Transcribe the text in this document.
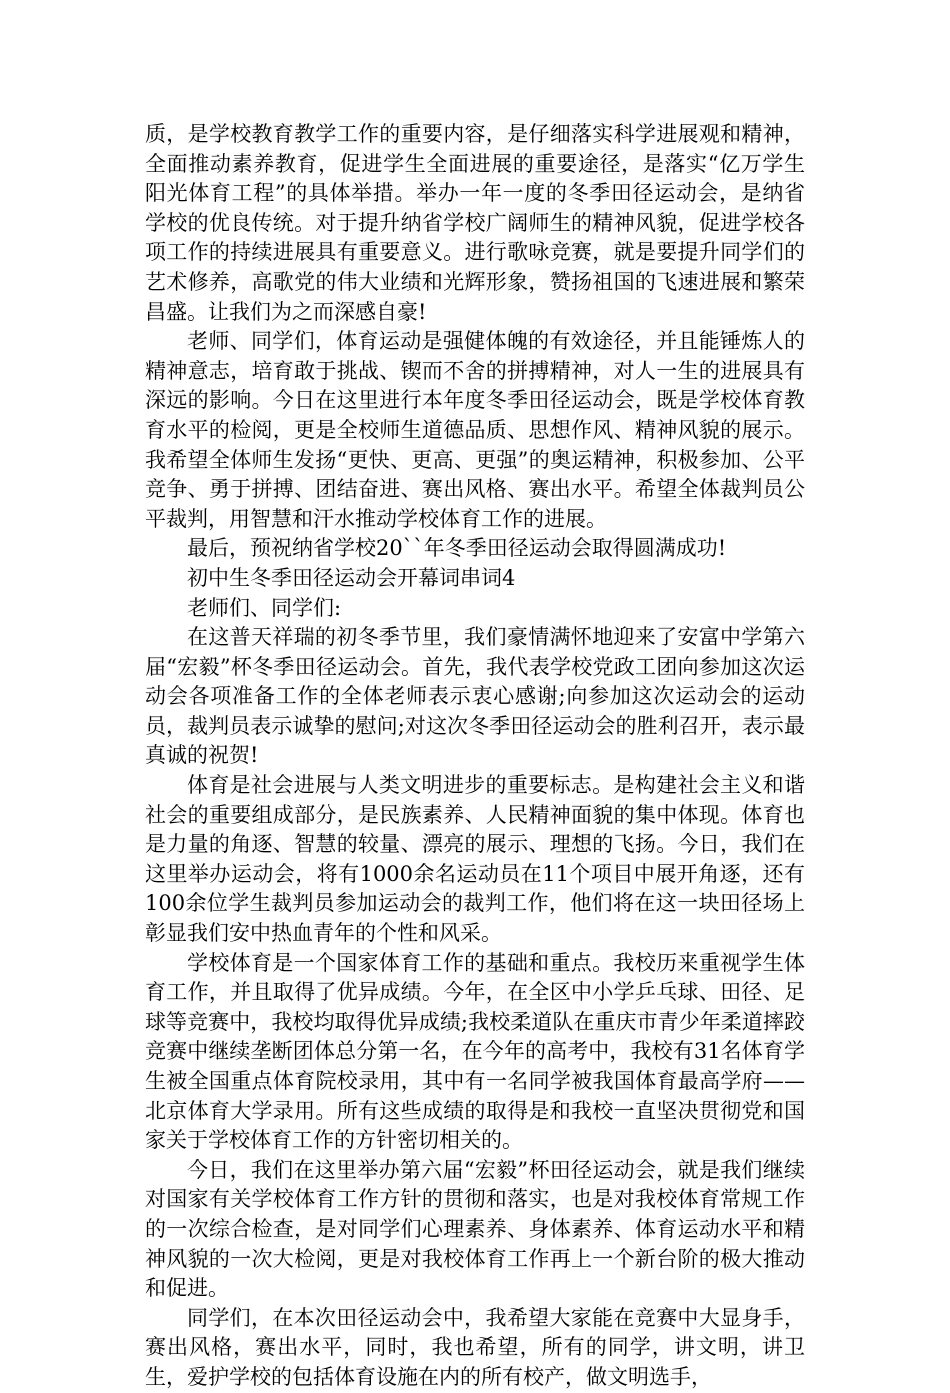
质，是学校教育教学工作的重要内容，是仔细落实科学进展观和精神，全面推动素养教育，促进学生全面进展的重要途径，是落实“亿万学生阳光体育工程”的具体举措。举办一年一度的冬季田径运动会，是纳省学校的优良传统。对于提升纳省学校广阔师生的精神风貌，促进学校各项工作的持续进展具有重要意义。进行歌咏竞赛，就是要提升同学们的艺术修养，高歌党的伟大业绩和光辉形象，赞扬祖国的飞速进展和繁荣昌盛。让我们为之而深感自豪!

老师、同学们，体育运动是强健体魄的有效途径，并且能锤炼人的精神意志，培育敢于挑战、锲而不舍的拼搏精神，对人一生的进展具有深远的影响。今日在这里进行本年度冬季田径运动会，既是学校体育教育水平的检阅，更是全校师生道德品质、思想作风、精神风貌的展示。我希望全体师生发扬“更快、更高、更强”的奥运精神，积极参加、公平竞争、勇于拼搏、团结奋进、赛出风格、赛出水平。希望全体裁判员公平裁判，用智慧和汗水推动学校体育工作的进展。

最后，预祝纳省学校20``年冬季田径运动会取得圆满成功!

初中生冬季田径运动会开幕词串词4

老师们、同学们:

在这普天祥瑞的初冬季节里，我们豪情满怀地迎来了安富中学第六届“宏毅”杯冬季田径运动会。首先，我代表学校党政工团向参加这次运动会各项准备工作的全体老师表示衷心感谢;向参加这次运动会的运动员，裁判员表示诚挚的慰问;对这次冬季田径运动会的胜利召开，表示最真诚的祝贺!

体育是社会进展与人类文明进步的重要标志。是构建社会主义和谐社会的重要组成部分，是民族素养、人民精神面貌的集中体现。体育也是力量的角逐、智慧的较量、漂亮的展示、理想的飞扬。今日，我们在这里举办运动会，将有1000余名运动员在11个项目中展开角逐，还有100余位学生裁判员参加运动会的裁判工作，他们将在这一块田径场上彰显我们安中热血青年的个性和风采。

学校体育是一个国家体育工作的基础和重点。我校历来重视学生体育工作，并且取得了优异成绩。今年，在全区中小学乒乓球、田径、足球等竞赛中，我校均取得优异成绩;我校柔道队在重庆市青少年柔道摔跤竞赛中继续垄断团体总分第一名，在今年的高考中，我校有31名体育学生被全国重点体育院校录用，其中有一名同学被我国体育最高学府——北京体育大学录用。所有这些成绩的取得是和我校一直坚决贯彻党和国家关于学校体育工作的方针密切相关的。

今日，我们在这里举办第六届“宏毅”杯田径运动会，就是我们继续对国家有关学校体育工作方针的贯彻和落实，也是对我校体育常规工作的一次综合检查，是对同学们心理素养、身体素养、体育运动水平和精神风貌的一次大检阅，更是对我校体育工作再上一个新台阶的极大推动和促进。

同学们，在本次田径运动会中，我希望大家能在竞赛中大显身手，赛出风格，赛出水平，同时，我也希望，所有的同学，讲文明，讲卫生，爱护学校的包括体育设施在内的所有校产，做文明选手，
